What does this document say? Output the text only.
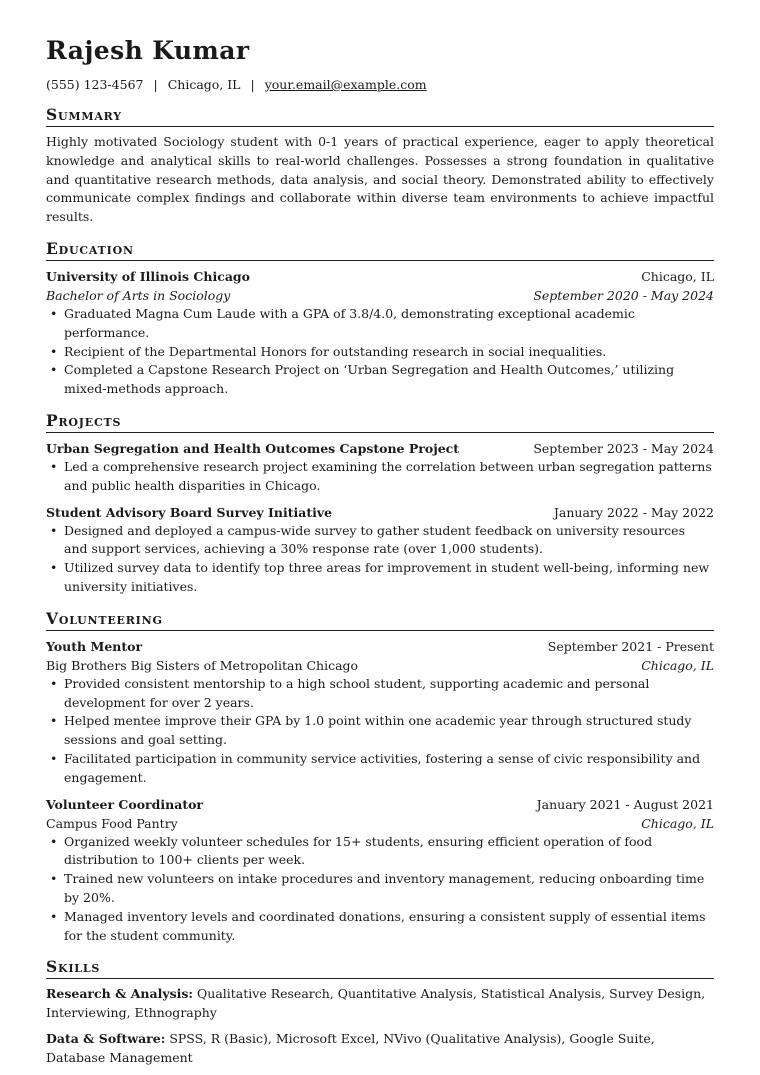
Rajesh Kumar
(555) 123-4567 | Chicago, IL | your.email@example.com
Summary
Highly motivated Sociology student with 0-1 years of practical experience, eager to apply theoretical knowledge and analytical skills to real-world challenges. Possesses a strong foundation in qualitative and quantitative research methods, data analysis, and social theory. Demonstrated ability to effectively communicate complex findings and collaborate within diverse team environments to achieve impactful results.
Education
University of Illinois Chicago	Chicago, IL
Bachelor of Arts in Sociology	September 2020 - May 2024
• Graduated Magna Cum Laude with a GPA of 3.8/4.0, demonstrating exceptional academic performance.
• Recipient of the Departmental Honors for outstanding research in social inequalities.
• Completed a Capstone Research Project on ‘Urban Segregation and Health Outcomes,’ utilizing mixed-methods approach.
Projects
Urban Segregation and Health Outcomes Capstone Project	September 2023 - May 2024
• Led a comprehensive research project examining the correlation between urban segregation patterns and public health disparities in Chicago.
Student Advisory Board Survey Initiative	January 2022 - May 2022
• Designed and deployed a campus-wide survey to gather student feedback on university resources and support services, achieving a 30% response rate (over 1,000 students).
• Utilized survey data to identify top three areas for improvement in student well-being, informing new university initiatives.
Volunteering
Youth Mentor	September 2021 - Present
Big Brothers Big Sisters of Metropolitan Chicago	Chicago, IL
• Provided consistent mentorship to a high school student, supporting academic and personal development for over 2 years.
• Helped mentee improve their GPA by 1.0 point within one academic year through structured study sessions and goal setting.
• Facilitated participation in community service activities, fostering a sense of civic responsibility and engagement.
Volunteer Coordinator	January 2021 - August 2021
Campus Food Pantry	Chicago, IL
• Organized weekly volunteer schedules for 15+ students, ensuring efficient operation of food distribution to 100+ clients per week.
• Trained new volunteers on intake procedures and inventory management, reducing onboarding time by 20%.
• Managed inventory levels and coordinated donations, ensuring a consistent supply of essential items for the student community.
Skills
Research & Analysis: Qualitative Research, Quantitative Analysis, Statistical Analysis, Survey Design, Interviewing, Ethnography
Data & Software: SPSS, R (Basic), Microsoft Excel, NVivo (Qualitative Analysis), Google Suite, Database Management
